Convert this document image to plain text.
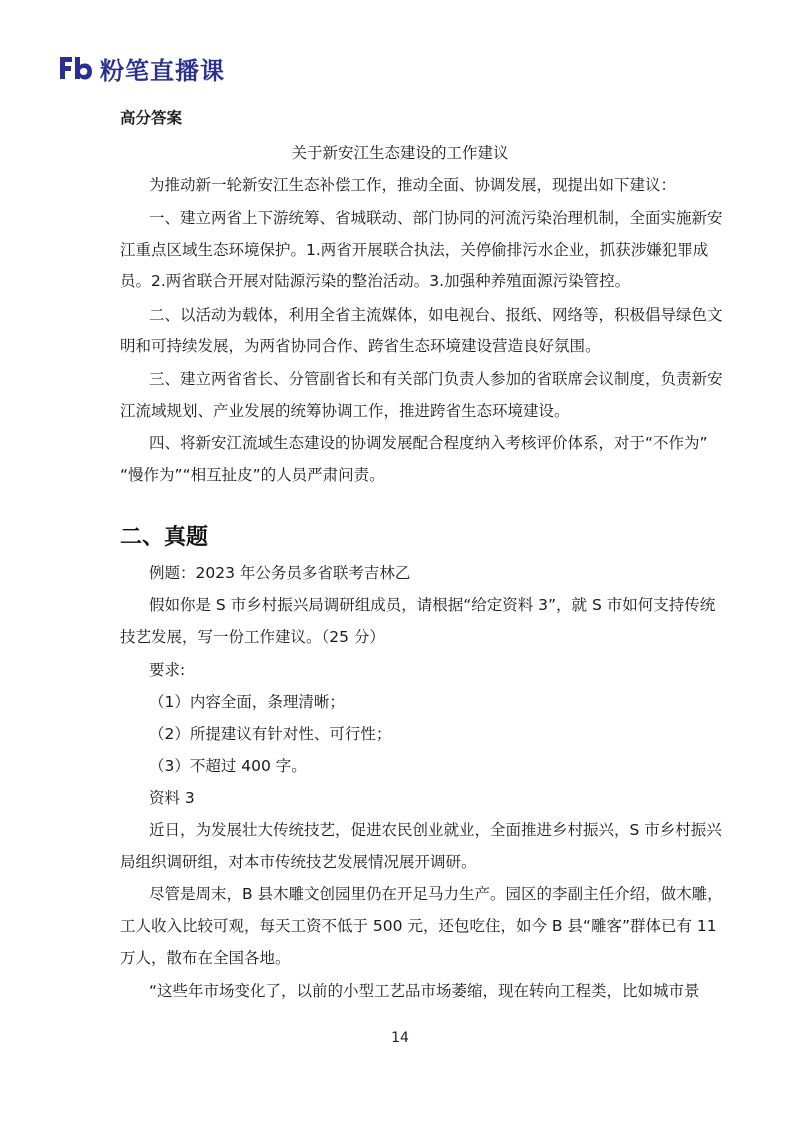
粉笔直播课
高分答案
关于新安江生态建设的工作建议
为推动新一轮新安江生态补偿工作，推动全面、协调发展，现提出如下建议：
一、建立两省上下游统筹、省城联动、部门协同的河流污染治理机制，全面实施新安
江重点区域生态环境保护。1.两省开展联合执法，关停偷排污水企业，抓获涉嫌犯罪成
员。2.两省联合开展对陆源污染的整治活动。3.加强种养殖面源污染管控。
二、以活动为载体，利用全省主流媒体，如电视台、报纸、网络等，积极倡导绿色文
明和可持续发展，为两省协同合作、跨省生态环境建设营造良好氛围。
三、建立两省省长、分管副省长和有关部门负责人参加的省联席会议制度，负责新安
江流域规划、产业发展的统筹协调工作，推进跨省生态环境建设。
四、将新安江流域生态建设的协调发展配合程度纳入考核评价体系，对于“不作为”
“慢作为”“相互扯皮”的人员严肃问责。
二、真题
例题：2023 年公务员多省联考吉林乙
假如你是 S 市乡村振兴局调研组成员，请根据“给定资料 3”，就 S 市如何支持传统
技艺发展，写一份工作建议。（25 分）
要求:
（1）内容全面，条理清晰；
（2）所提建议有针对性、可行性；
（3）不超过 400 字。
资料 3
近日，为发展壮大传统技艺，促进农民创业就业，全面推进乡村振兴，S 市乡村振兴
局组织调研组，对本市传统技艺发展情况展开调研。
尽管是周末，B 县木雕文创园里仍在开足马力生产。园区的李副主任介绍，做木雕，
工人收入比较可观，每天工资不低于 500 元，还包吃住，如今 B 县“雕客”群体已有 11
万人，散布在全国各地。
“这些年市场变化了，以前的小型工艺品市场萎缩，现在转向工程类，比如城市景
14
